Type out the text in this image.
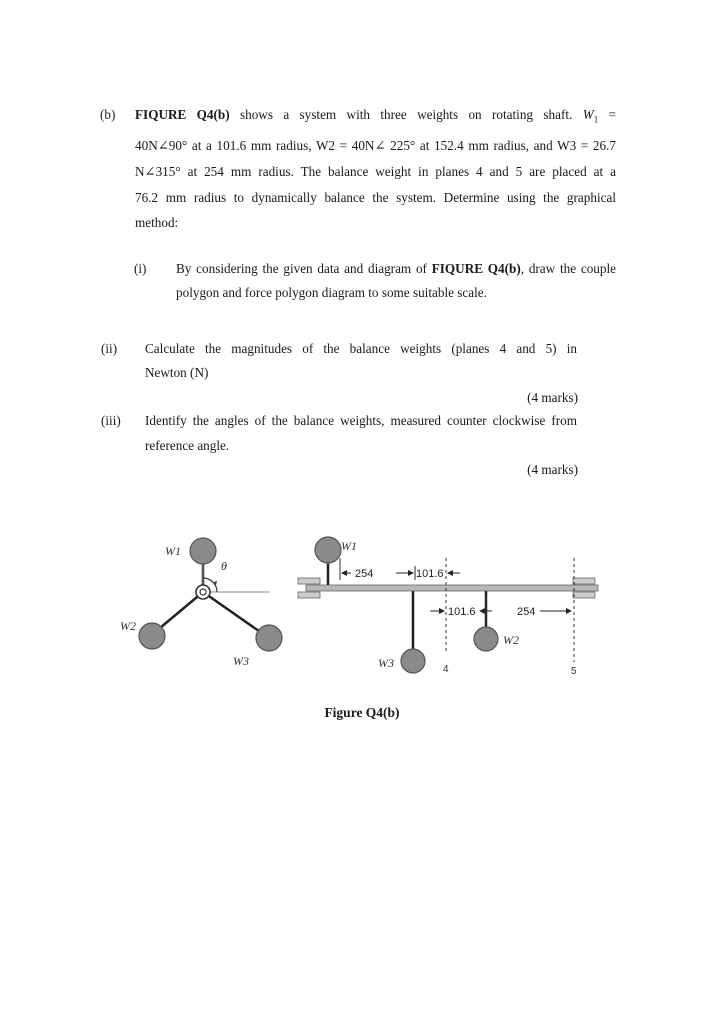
(b) FIQURE Q4(b) shows a system with three weights on rotating shaft. $W_1$ =
40N∠90° at a 101.6 mm radius, W2 = 40N∠ 225° at 152.4 mm radius, and W3 = 26.7
N∠315° at 254 mm radius. The balance weight in planes 4 and 5 are placed at a
76.2 mm radius to dynamically balance the system. Determine using the graphical
method:
(i) By considering the given data and diagram of FIQURE Q4(b), draw the couple
polygon and force polygon diagram to some suitable scale.
(ii) Calculate the magnitudes of the balance weights (planes 4 and 5) in
Newton (N)
(4 marks)
(iii) Identify the angles of the balance weights, measured counter clockwise from
reference angle.
(4 marks)
W1
W2
W3
θ
254	101.6
101.6	254
W1
W2
W3	4	5
Figure Q4(b)
